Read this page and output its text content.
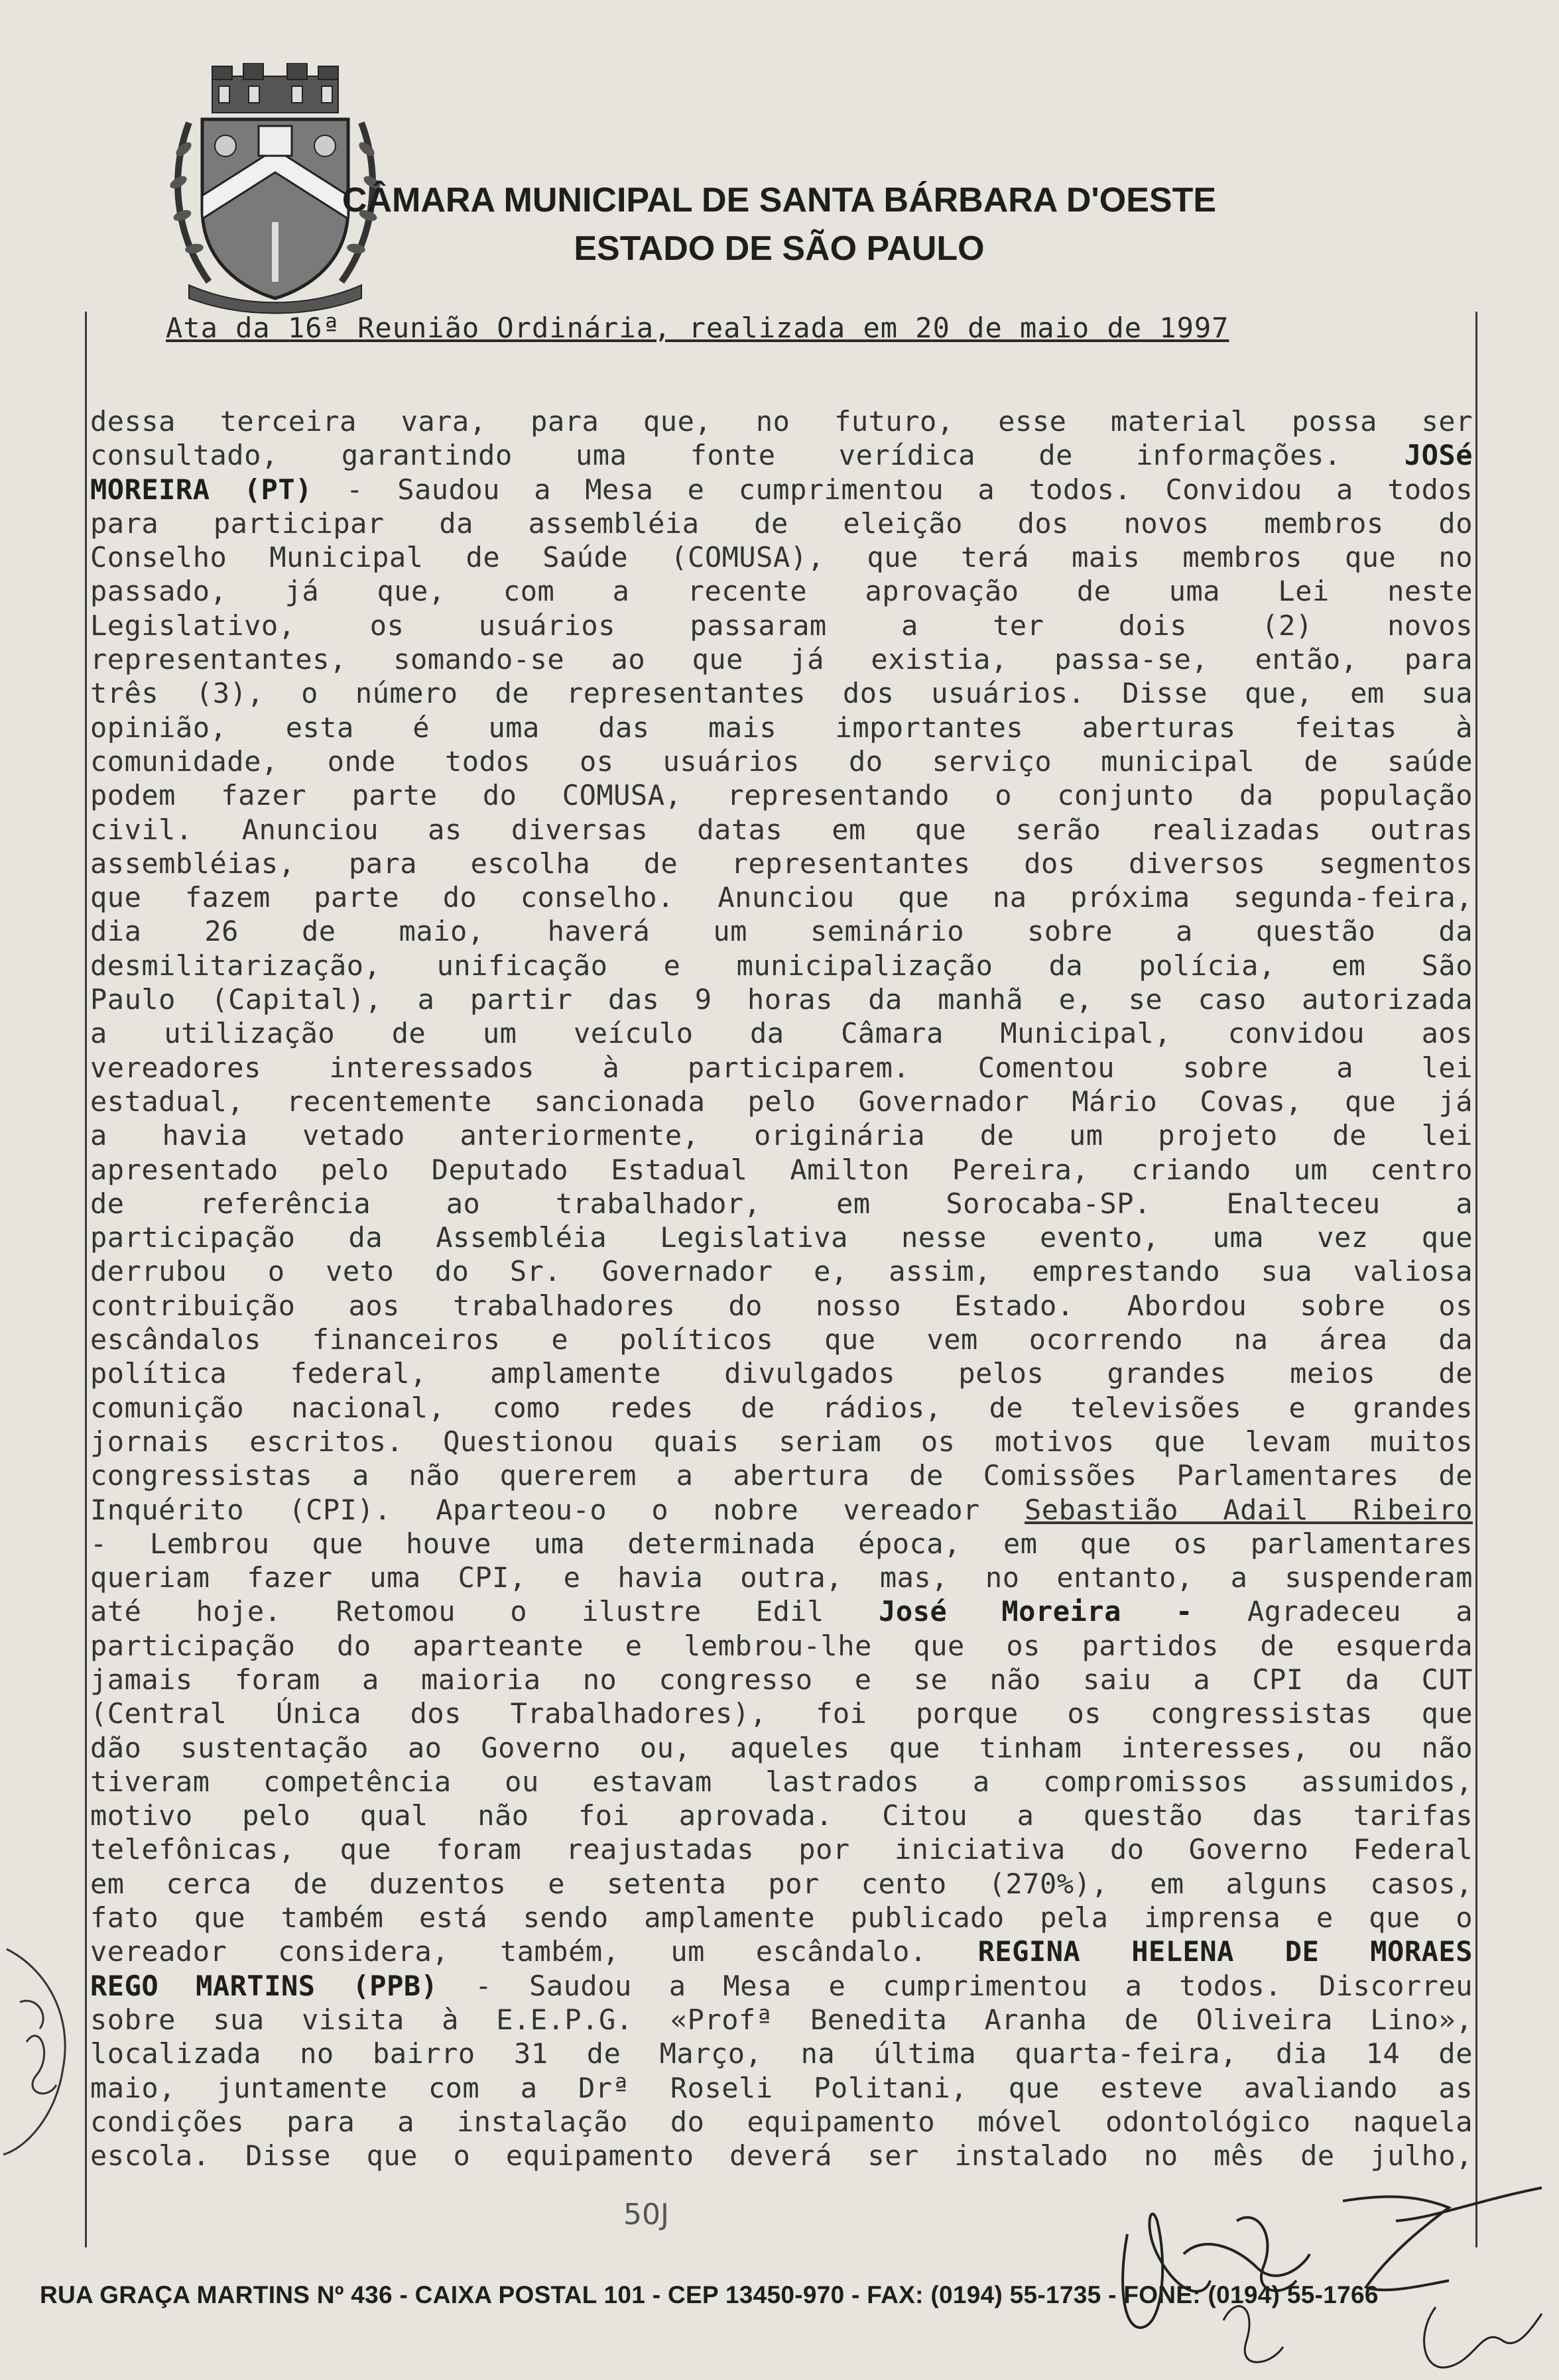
CÂMARA MUNICIPAL DE SANTA BÁRBARA D'OESTE
ESTADO DE SÃO PAULO
Ata da 16ª Reunião Ordinária, realizada em 20 de maio de 1997
dessa terceira vara, para que, no futuro, esse material possa ser
consultado, garantindo uma fonte verídica de informações. JOSé
MOREIRA (PT) - Saudou a Mesa e cumprimentou a todos. Convidou a todos
para participar da assembléia de eleição dos novos membros do
Conselho Municipal de Saúde (COMUSA), que terá mais membros que no
passado, já que, com a recente aprovação de uma Lei neste
Legislativo, os usuários passaram a ter dois (2) novos
representantes, somando-se ao que já existia, passa-se, então, para
três (3), o número de representantes dos usuários. Disse que, em sua
opinião, esta é uma das mais importantes aberturas feitas à
comunidade, onde todos os usuários do serviço municipal de saúde
podem fazer parte do COMUSA, representando o conjunto da população
civil. Anunciou as diversas datas em que serão realizadas outras
assembléias, para escolha de representantes dos diversos segmentos
que fazem parte do conselho. Anunciou que na próxima segunda-feira,
dia 26 de maio, haverá um seminário sobre a questão da
desmilitarização, unificação e municipalização da polícia, em São
Paulo (Capital), a partir das 9 horas da manhã e, se caso autorizada
a utilização de um veículo da Câmara Municipal, convidou aos
vereadores interessados à participarem. Comentou sobre a lei
estadual, recentemente sancionada pelo Governador Mário Covas, que já
a havia vetado anteriormente, originária de um projeto de lei
apresentado pelo Deputado Estadual Amilton Pereira, criando um centro
de referência ao trabalhador, em Sorocaba-SP. Enalteceu a
participação da Assembléia Legislativa nesse evento, uma vez que
derrubou o veto do Sr. Governador e, assim, emprestando sua valiosa
contribuição aos trabalhadores do nosso Estado. Abordou sobre os
escândalos financeiros e políticos que vem ocorrendo na área da
política federal, amplamente divulgados pelos grandes meios de
comunição nacional, como redes de rádios, de televisões e grandes
jornais escritos. Questionou quais seriam os motivos que levam muitos
congressistas a não quererem a abertura de Comissões Parlamentares de
Inquérito (CPI). Aparteou-o o nobre vereador Sebastião Adail Ribeiro
- Lembrou que houve uma determinada época, em que os parlamentares
queriam fazer uma CPI, e havia outra, mas, no entanto, a suspenderam
até hoje. Retomou o ilustre Edil José Moreira - Agradeceu a
participação do aparteante e lembrou-lhe que os partidos de esquerda
jamais foram a maioria no congresso e se não saiu a CPI da CUT
(Central Única dos Trabalhadores), foi porque os congressistas que
dão sustentação ao Governo ou, aqueles que tinham interesses, ou não
tiveram competência ou estavam lastrados a compromissos assumidos,
motivo pelo qual não foi aprovada. Citou a questão das tarifas
telefônicas, que foram reajustadas por iniciativa do Governo Federal
em cerca de duzentos e setenta por cento (270%), em alguns casos,
fato que também está sendo amplamente publicado pela imprensa e que o
vereador considera, também, um escândalo. REGINA HELENA DE MORAES
REGO MARTINS (PPB) - Saudou a Mesa e cumprimentou a todos. Discorreu
sobre sua visita à E.E.P.G. «Profª Benedita Aranha de Oliveira Lino»,
localizada no bairro 31 de Março, na última quarta-feira, dia 14 de
maio, juntamente com a Drª Roseli Politani, que esteve avaliando as
condições para a instalação do equipamento móvel odontológico naquela
escola. Disse que o equipamento deverá ser instalado no mês de julho,
50J
RUA GRAÇA MARTINS Nº 436 - CAIXA POSTAL 101 - CEP 13450-970 - FAX: (0194) 55-1735 - FONE: (0194) 55-1766
